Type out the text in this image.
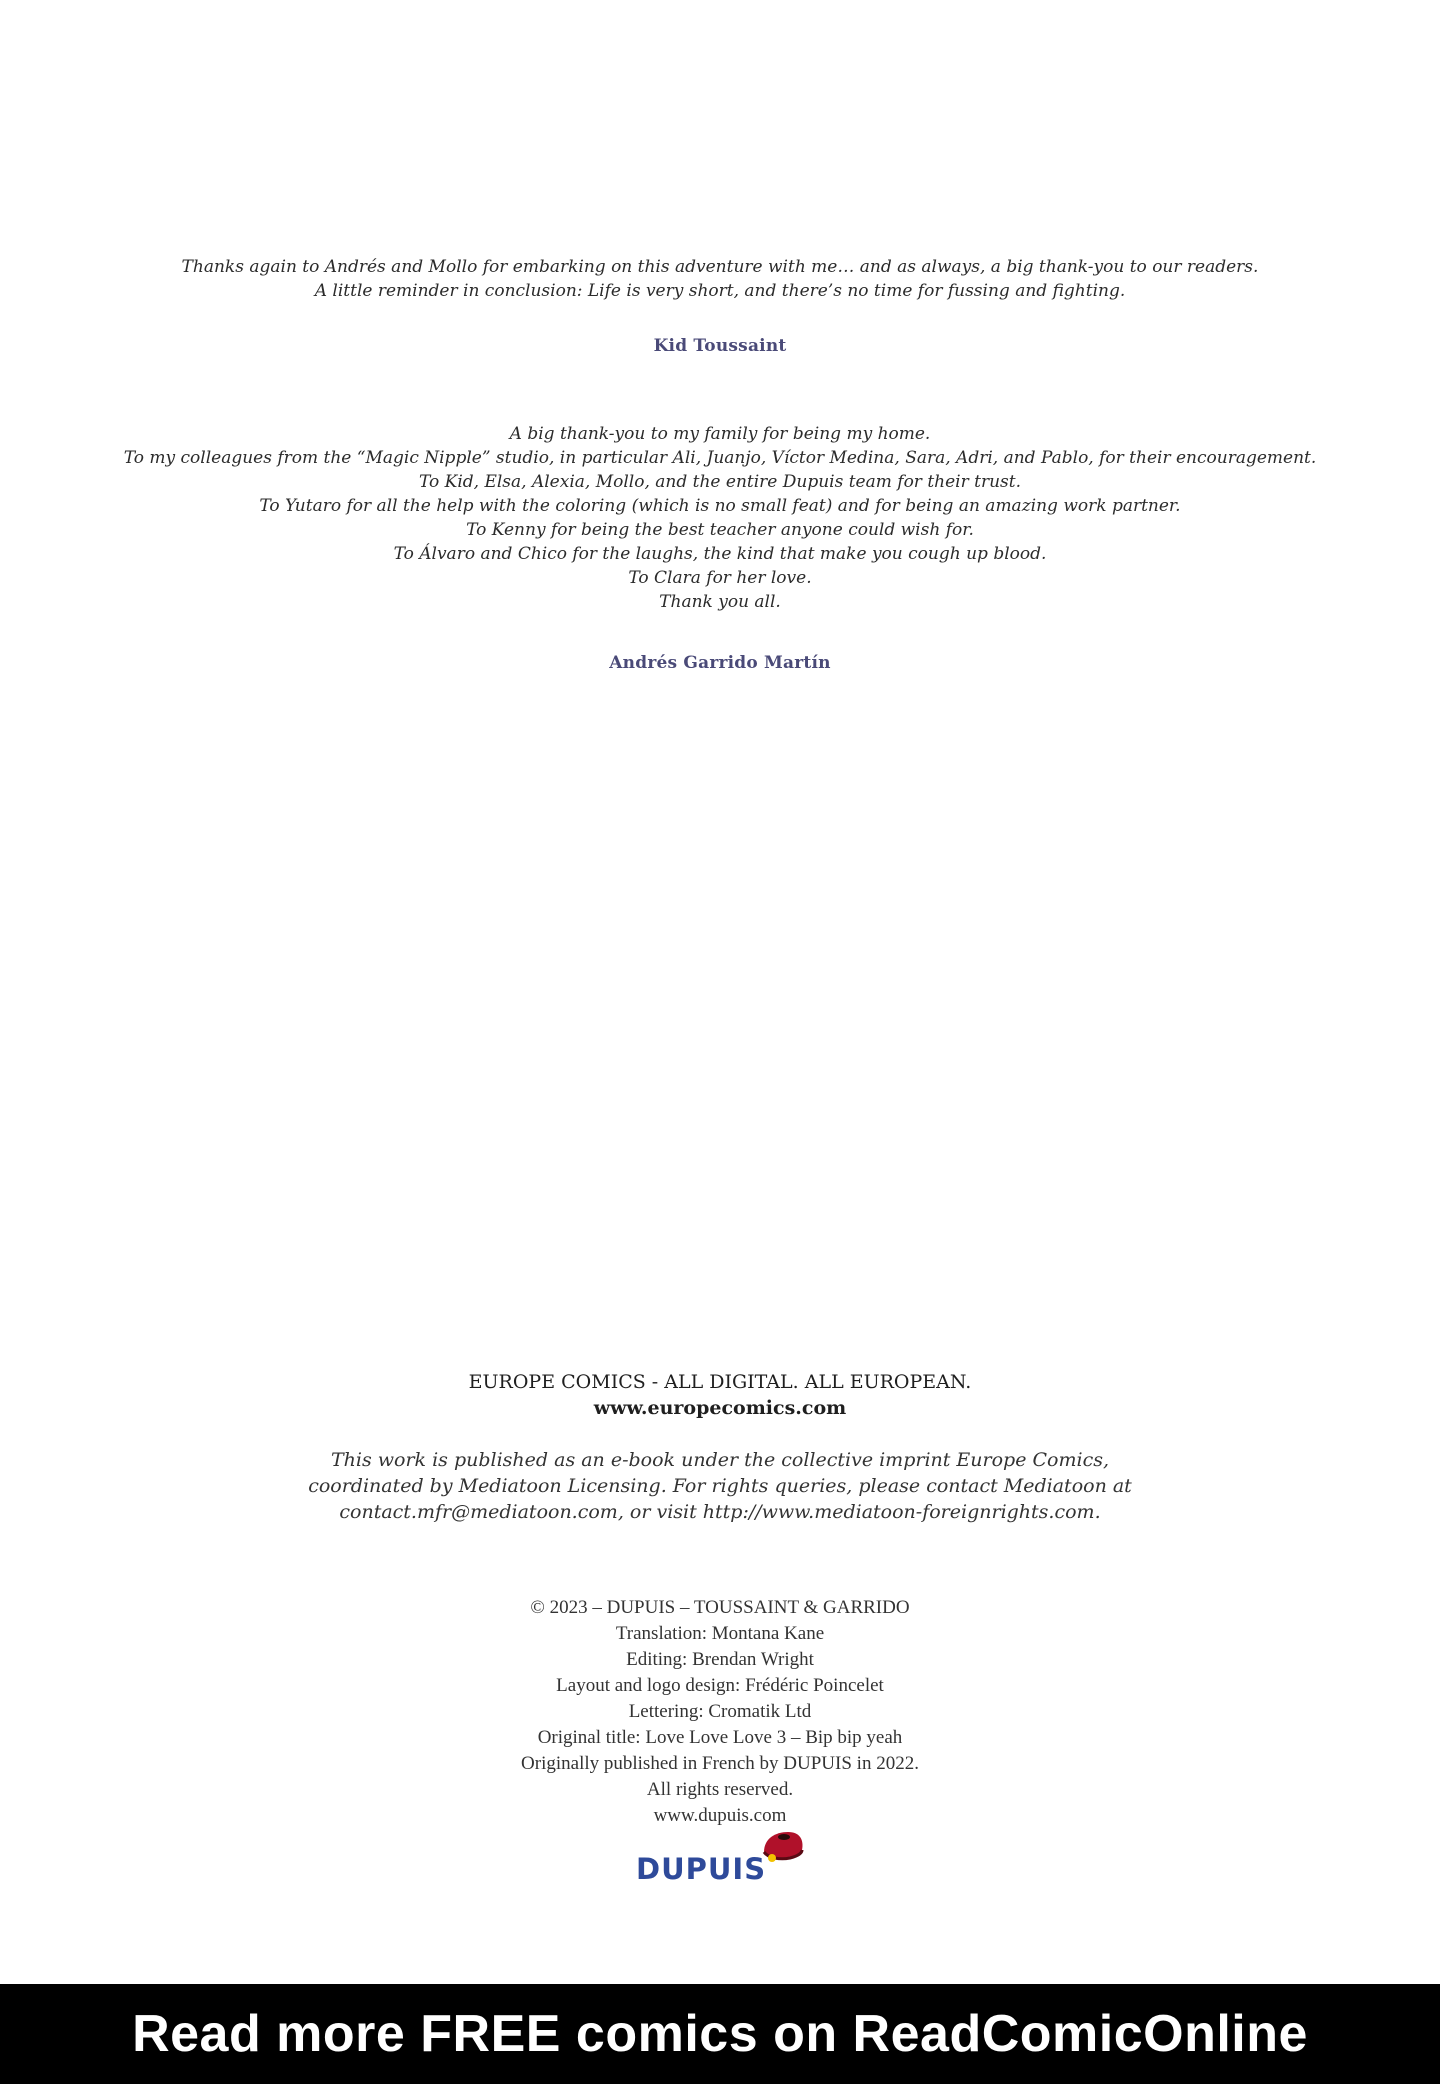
Thanks again to Andrés and Mollo for embarking on this adventure with me… and as always, a big thank-you to our readers.
A little reminder in conclusion: Life is very short, and there’s no time for fussing and fighting.
Kid Toussaint
A big thank-you to my family for being my home.
To my colleagues from the “Magic Nipple” studio, in particular Ali, Juanjo, Víctor Medina, Sara, Adri, and Pablo, for their encouragement.
To Kid, Elsa, Alexia, Mollo, and the entire Dupuis team for their trust.
To Yutaro for all the help with the coloring (which is no small feat) and for being an amazing work partner.
To Kenny for being the best teacher anyone could wish for.
To Álvaro and Chico for the laughs, the kind that make you cough up blood.
To Clara for her love.
Thank you all.
Andrés Garrido Martín
EUROPE COMICS - ALL DIGITAL. ALL EUROPEAN.
www.europecomics.com
This work is published as an e-book under the collective imprint Europe Comics,
coordinated by Mediatoon Licensing. For rights queries, please contact Mediatoon at
contact.mfr@mediatoon.com, or visit http://www.mediatoon-foreignrights.com.
© 2023 – DUPUIS – TOUSSAINT & GARRIDO
Translation: Montana Kane
Editing: Brendan Wright
Layout and logo design: Frédéric Poincelet
Lettering: Cromatik Ltd
Original title: Love Love Love 3 – Bip bip yeah
Originally published in French by DUPUIS in 2022.
All rights reserved.
www.dupuis.com
DUPUIS
Read more FREE comics on ReadComicOnline
